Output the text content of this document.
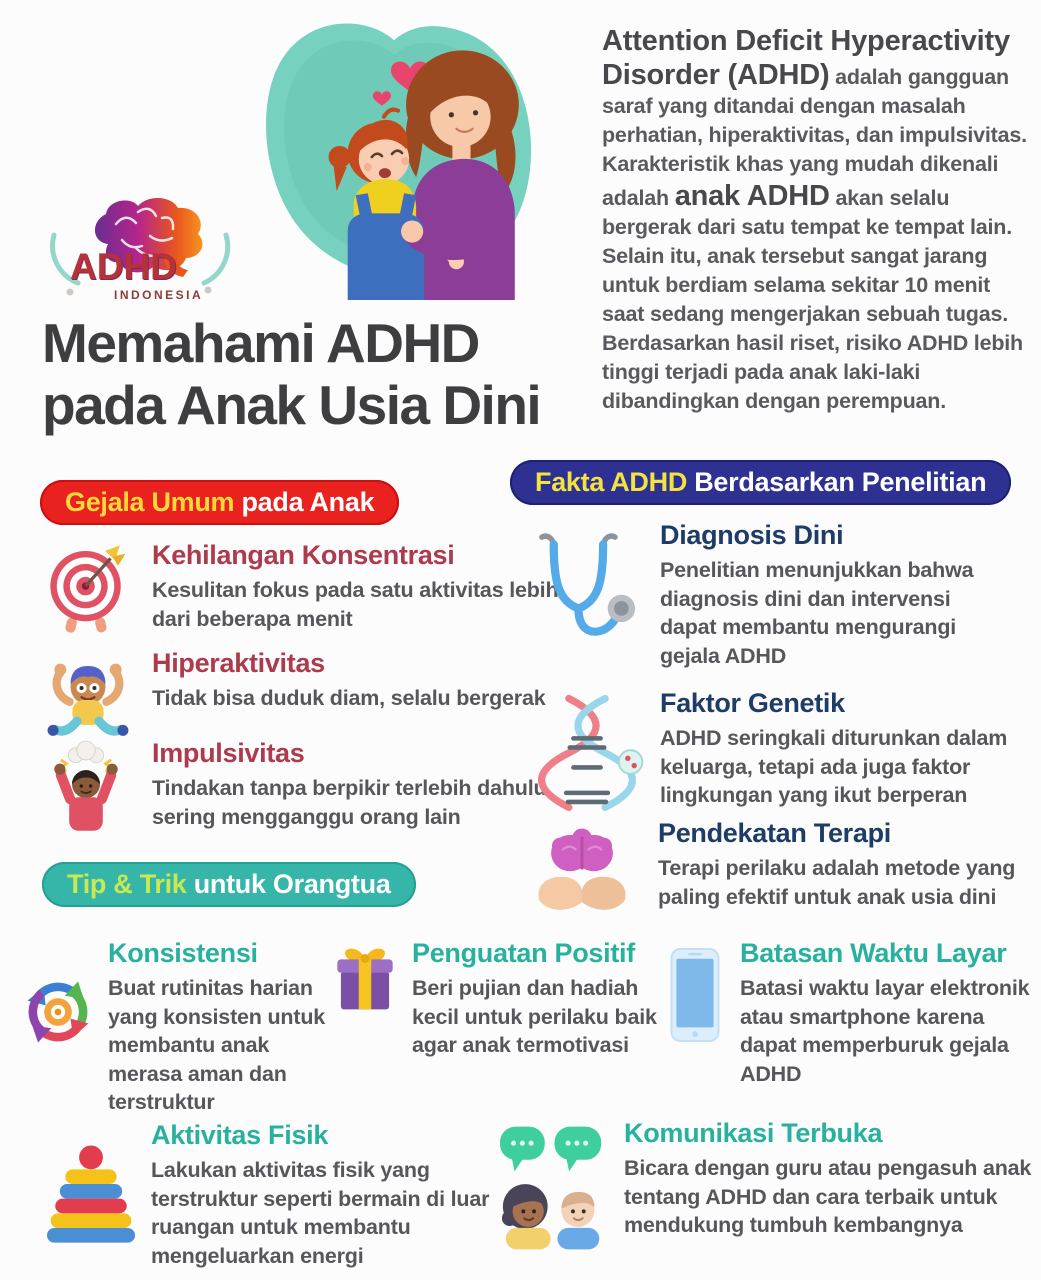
ADHD
INDONESIA

Attention Deficit Hyperactivity Disorder (ADHD) adalah gangguan saraf yang ditandai dengan masalah perhatian, hiperaktivitas, dan impulsivitas. Karakteristik khas yang mudah dikenali adalah anak ADHD akan selalu bergerak dari satu tempat ke tempat lain. Selain itu, anak tersebut sangat jarang untuk berdiam selama sekitar 10 menit saat sedang mengerjakan sebuah tugas. Berdasarkan hasil riset, risiko ADHD lebih tinggi terjadi pada anak laki-laki dibandingkan dengan perempuan.

Memahami ADHD
pada Anak Usia Dini
Gejala Umum pada Anak
Kehilangan Konsentrasi

Kesulitan fokus pada satu aktivitas lebih dari beberapa menit

Hiperaktivitas

Tidak bisa duduk diam, selalu bergerak

Impulsivitas

Tindakan tanpa berpikir terlebih dahulu, sering mengganggu orang lain

Fakta ADHD Berdasarkan Penelitian
Diagnosis Dini

Penelitian menunjukkan bahwa diagnosis dini dan intervensi dapat membantu mengurangi gejala ADHD

Faktor Genetik

ADHD seringkali diturunkan dalam keluarga, tetapi ada juga faktor lingkungan yang ikut berperan

Pendekatan Terapi

Terapi perilaku adalah metode yang paling efektif untuk anak usia dini

Tip & Trik untuk Orangtua
Konsistensi

Buat rutinitas harian yang konsisten untuk membantu anak merasa aman dan terstruktur

Penguatan Positif

Beri pujian dan hadiah kecil untuk perilaku baik agar anak termotivasi

Batasan Waktu Layar

Batasi waktu layar elektronik atau smartphone karena dapat memperburuk gejala ADHD

Aktivitas Fisik

Lakukan aktivitas fisik yang terstruktur seperti bermain di luar ruangan untuk membantu mengeluarkan energi

Komunikasi Terbuka

Bicara dengan guru atau pengasuh anak tentang ADHD dan cara terbaik untuk mendukung tumbuh kembangnya
